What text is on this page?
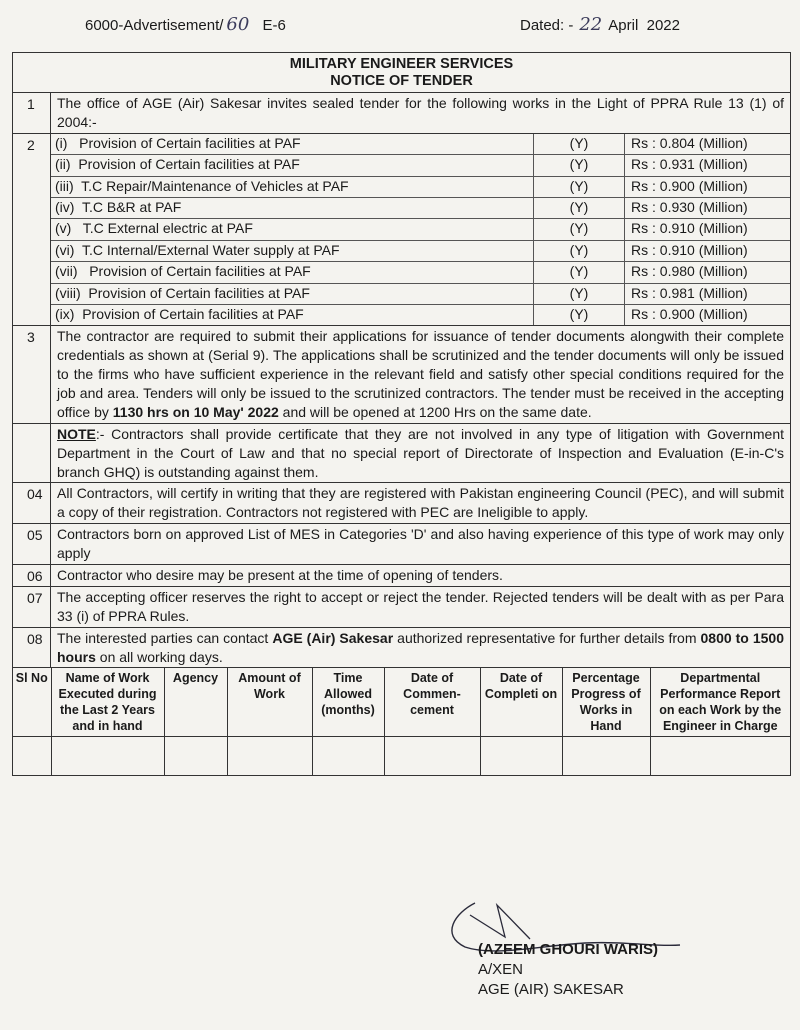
6000-Advertisement/ 60 E-6	Dated: - 22 April  2022
MILITARY ENGINEER SERVICES
NOTICE OF TENDER
1	The office of AGE (Air) Sakesar invites sealed tender for the following works in the Light of PPRA Rule 13 (1) of 2004:-
2	(i)   Provision of Certain facilities at PAF	(Y)	Rs : 0.804 (Million)
(ii)  Provision of Certain facilities at PAF	(Y)	Rs : 0.931 (Million)
(iii)  T.C Repair/Maintenance of Vehicles at PAF	(Y)	Rs : 0.900 (Million)
(iv)  T.C B&R at PAF	(Y)	Rs : 0.930 (Million)
(v)   T.C External electric at PAF	(Y)	Rs : 0.910 (Million)
(vi)  T.C Internal/External Water supply at PAF	(Y)	Rs : 0.910 (Million)
(vii)   Provision of Certain facilities at PAF	(Y)	Rs : 0.980 (Million)
(viii)  Provision of Certain facilities at PAF	(Y)	Rs : 0.981 (Million)
(ix)  Provision of Certain facilities at PAF	(Y)	Rs : 0.900 (Million)
3	The contractor are required to submit their applications for issuance of tender documents alongwith their complete credentials as shown at (Serial 9). The applications shall be scrutinized and the tender documents will only be issued to the firms who have sufficient experience in the relevant field and satisfy other special conditions required for the job and area. Tenders will only be issued to the scrutinized contractors. The tender must be received in the accepting office by 1130 hrs on 10 May' 2022 and will be opened at 1200 Hrs on the same date.
NOTE:- Contractors shall provide certificate that they are not involved in any type of litigation with Government Department in the Court of Law and that no special report of Directorate of Inspection and Evaluation (E-in-C's branch GHQ) is outstanding against them.
04	All Contractors, will certify in writing that they are registered with Pakistan engineering Council (PEC), and will submit a copy of their registration. Contractors not registered with PEC are Ineligible to apply.
05	Contractors born on approved List of MES in Categories 'D' and also having experience of this type of work may only apply
06	Contractor who desire may be present at the time of opening of tenders.
07	The accepting officer reserves the right to accept or reject the tender. Rejected tenders will be dealt with as per Para 33 (i) of PPRA Rules.
08	The interested parties can contact AGE (Air) Sakesar authorized representative for further details from 0800 to 1500 hours on all working days.
Sl No	Name of Work Executed during the Last 2 Years and in hand	Agency	Amount of Work	Time Allowed (months)	Date of Commen-cement	Date of Completi on	Percentage Progress of Works in Hand	Departmental Performance Report on each Work by the Engineer in Charge

(AZEEM GHOURI WARIS)
A/XEN
AGE (AIR) SAKESAR
